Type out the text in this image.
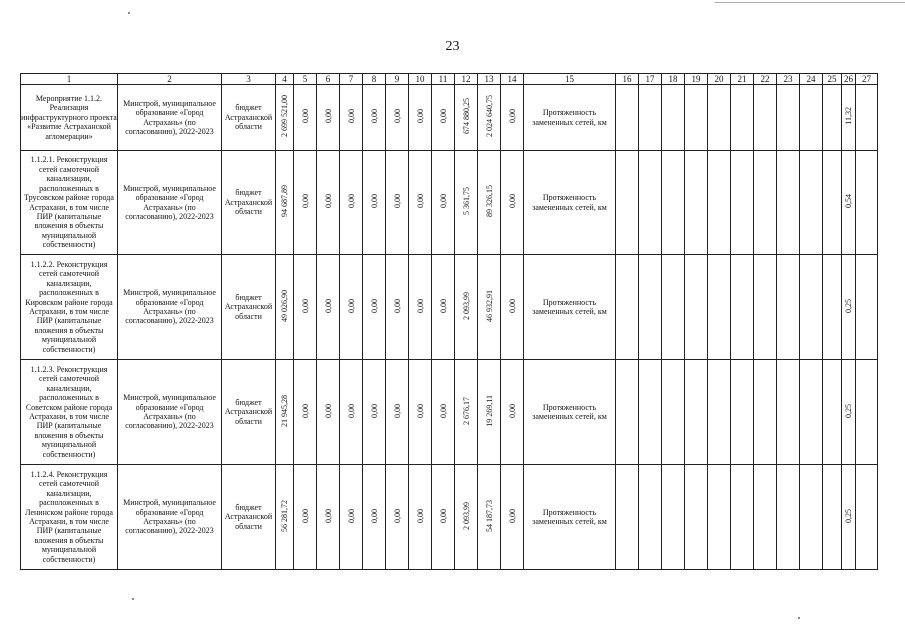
23
1	2	3	4	5	6	7	8	9	10	11	12	13	14	15	16	17	18	19	20	21	22	23	24	25	26	27
Мероприятие 1.1.2. Реализация инфраструктурного проекта «Развитие Астраханской агломерации»	Минстрой, муниципальное образование «Город Астрахань» (по согласованию), 2022-2023	бюджет Астраханской области	2 699 521,00	0,00	0,00	0,00	0,00	0,00	0,00	0,00	674 880,25	2 024 640,75	0,00	Протяженность замененных сетей, км											11,32	
1.1.2.1. Реконструкция сетей самотечной канализации, расположенных в Трусовском районе города Астрахани, в том числе ПИР (капитальные вложения в объекты муниципальной собственности)	Минстрой, муниципальное образование «Город Астрахань» (по согласованию), 2022-2023	бюджет Астраханской области	94 687,89	0,00	0,00	0,00	0,00	0,00	0,00	0,00	5 361,75	89 326,15	0,00	Протяженность замененных сетей, км											0,54	
1.1.2.2. Реконструкция сетей самотечной канализации, расположенных в Кировском районе города Астрахани, в том числе ПИР (капитальные вложения в объекты муниципальной собственности)	Минстрой, муниципальное образование «Город Астрахань» (по согласованию), 2022-2023	бюджет Астраханской области	49 026,90	0,00	0,00	0,00	0,00	0,00	0,00	0,00	2 093,99	46 932,91	0,00	Протяженность замененных сетей, км											0,25	
1.1.2.3. Реконструкция сетей самотечной канализации, расположенных в Советском районе города Астрахани, в том числе ПИР (капитальные вложения в объекты муниципальной собственности)	Минстрой, муниципальное образование «Город Астрахань» (по согласованию), 2022-2023	бюджет Астраханской области	21 945,28	0,00	0,00	0,00	0,00	0,00	0,00	0,00	2 676,17	19 269,11	0,00	Протяженность замененных сетей, км											0,25	
1.1.2.4. Реконструкция сетей самотечной канализации, расположенных в Ленинском районе города Астрахани, в том числе ПИР (капитальные вложения в объекты муниципальной собственности)	Минстрой, муниципальное образование «Город Астрахань» (по согласованию), 2022-2023	бюджет Астраханской области	56 281,72	0,00	0,00	0,00	0,00	0,00	0,00	0,00	2 093,99	54 187,73	0,00	Протяженность замененных сетей, км											0,25	
